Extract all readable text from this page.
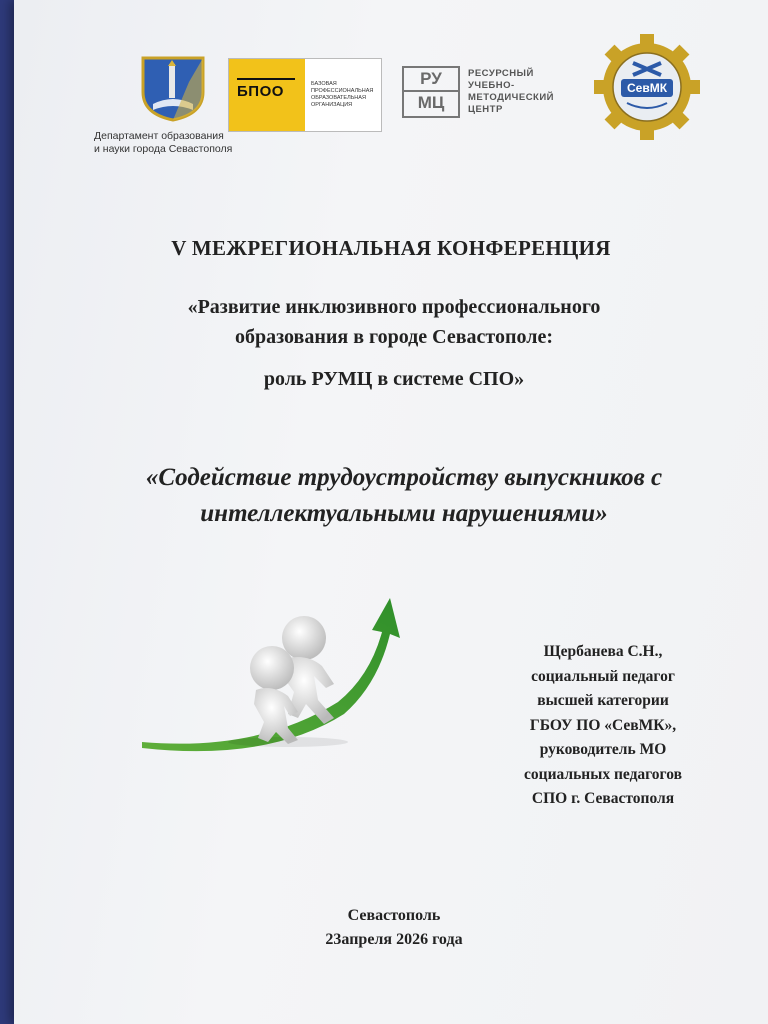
Департамент образования
и науки города Севастополя
БПОО	БАЗОВАЯ ПРОФЕССИОНАЛЬНАЯ ОБРАЗОВАТЕЛЬНАЯ ОРГАНИЗАЦИЯ
РУ
МЦ
РЕСУРСНЫЙ
УЧЕБНО-
МЕТОДИЧЕСКИЙ
ЦЕНТР
СевМК
V МЕЖРЕГИОНАЛЬНАЯ КОНФЕРЕНЦИЯ
«Развитие инклюзивного профессионального
образования в городе Севастополе:
роль РУМЦ в системе СПО»
«Содействие трудоустройству выпускников с
интеллектуальными нарушениями»
Щербанева С.Н.,
социальный педагог
высшей категории
ГБОУ ПО «СевМК»,
руководитель МО
социальных педагогов
СПО г. Севастополя
Севастополь
23апреля 2026 года
